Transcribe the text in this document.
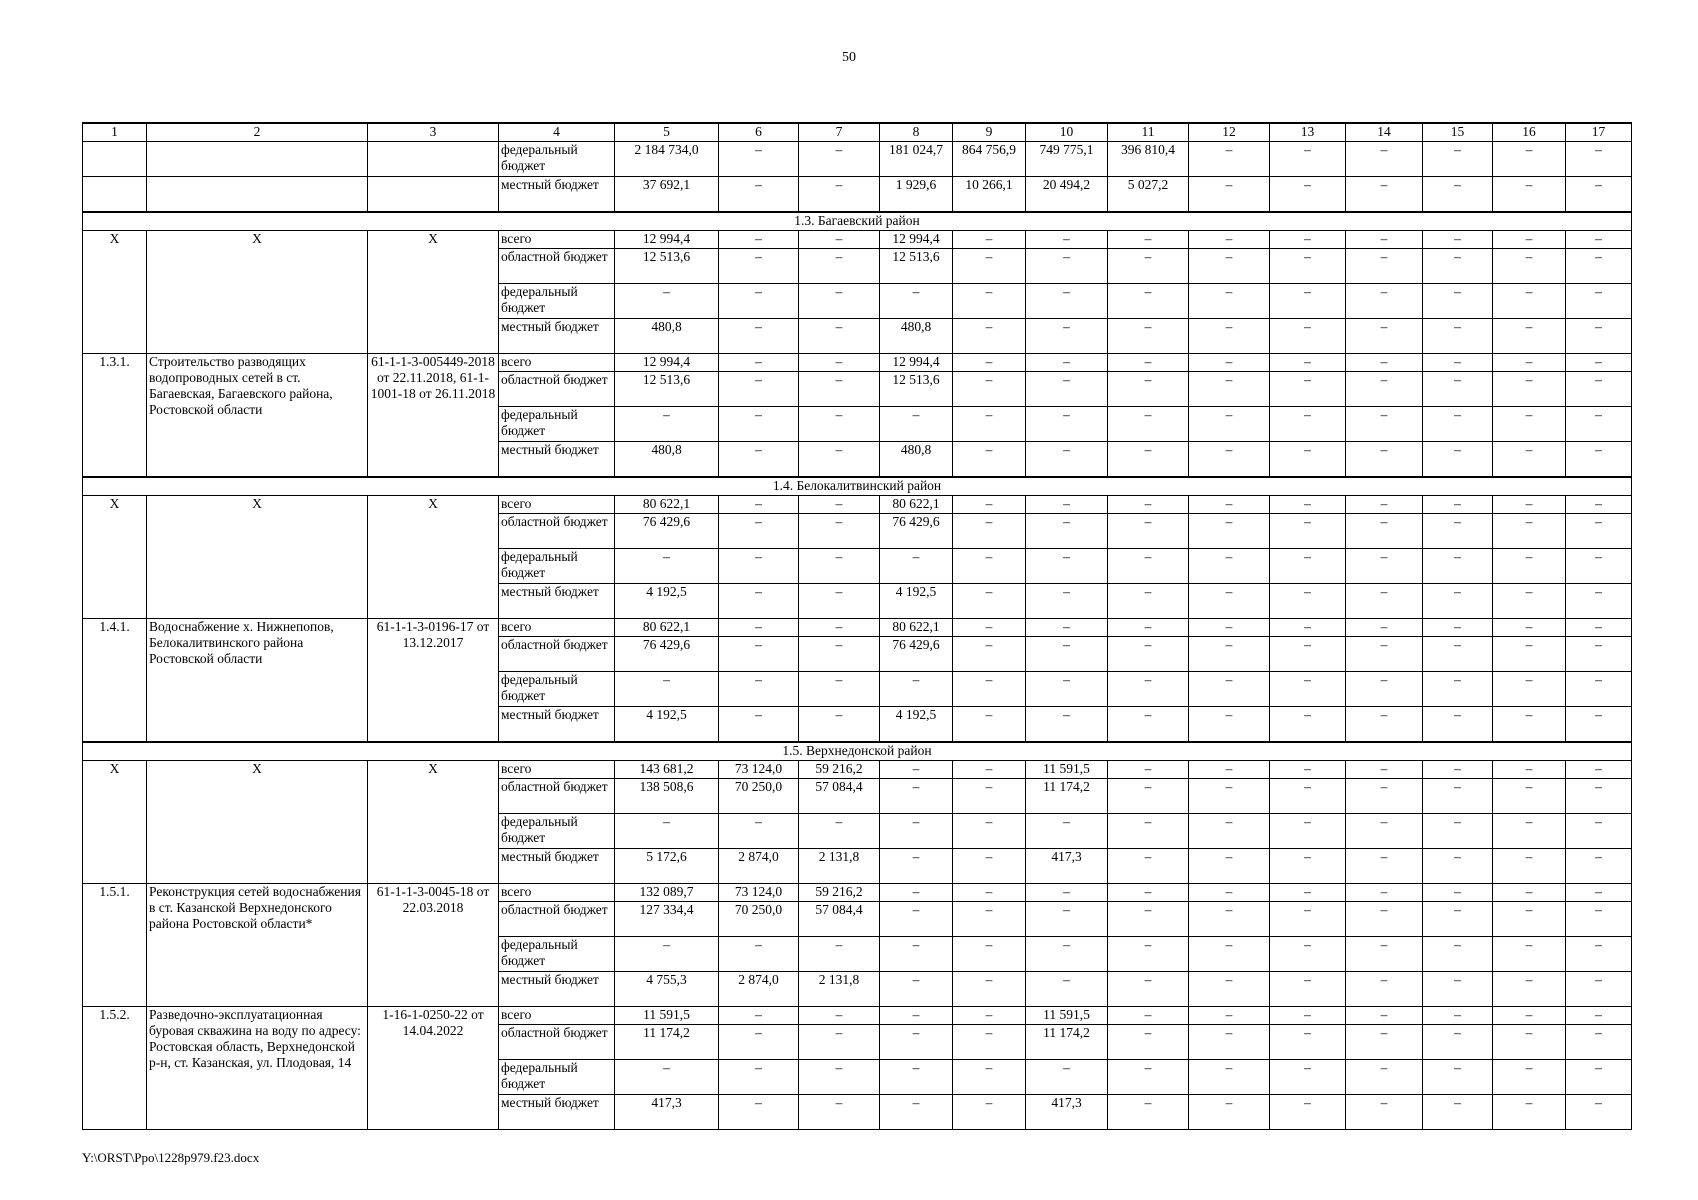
50
1	2	3	4	5	6	7	8	9	10	11	12	13	14	15	16	17
			федеральный бюджет	2 184 734,0	–	–	181 024,7	864 756,9	749 775,1	396 810,4	–	–	–	–	–	–
			местный бюджет	37 692,1	–	–	1 929,6	10 266,1	20 494,2	5 027,2	–	–	–	–	–	–
1.3. Багаевский район																
Х	Х	Х	всего	12 994,4	–	–	12 994,4	–	–	–	–	–	–	–	–	–
			областной бюджет	12 513,6	–	–	12 513,6	–	–	–	–	–	–	–	–	–
			федеральный бюджет	–	–	–	–	–	–	–	–	–	–	–	–	–
			местный бюджет	480,8	–	–	480,8	–	–	–	–	–	–	–	–	–
1.3.1.	Строительство разводящих водопроводных сетей в ст. Багаевская, Багаевского района, Ростовской области	61-1-1-3-005449-2018 от 22.11.2018, 61-1-1001-18 от 26.11.2018	всего	12 994,4	–	–	12 994,4	–	–	–	–	–	–	–	–	–
			областной бюджет	12 513,6	–	–	12 513,6	–	–	–	–	–	–	–	–	–
			федеральный бюджет	–	–	–	–	–	–	–	–	–	–	–	–	–
			местный бюджет	480,8	–	–	480,8	–	–	–	–	–	–	–	–	–
1.4. Белокалитвинский район																
Х	Х	Х	всего	80 622,1	–	–	80 622,1	–	–	–	–	–	–	–	–	–
			областной бюджет	76 429,6	–	–	76 429,6	–	–	–	–	–	–	–	–	–
			федеральный бюджет	–	–	–	–	–	–	–	–	–	–	–	–	–
			местный бюджет	4 192,5	–	–	4 192,5	–	–	–	–	–	–	–	–	–
1.4.1.	Водоснабжение х. Нижнепопов, Белокалитвинского района Ростовской области	61-1-1-3-0196-17 от 13.12.2017	всего	80 622,1	–	–	80 622,1	–	–	–	–	–	–	–	–	–
			областной бюджет	76 429,6	–	–	76 429,6	–	–	–	–	–	–	–	–	–
			федеральный бюджет	–	–	–	–	–	–	–	–	–	–	–	–	–
			местный бюджет	4 192,5	–	–	4 192,5	–	–	–	–	–	–	–	–	–
1.5. Верхнедонской район																
Х	Х	Х	всего	143 681,2	73 124,0	59 216,2	–	–	11 591,5	–	–	–	–	–	–	–
			областной бюджет	138 508,6	70 250,0	57 084,4	–	–	11 174,2	–	–	–	–	–	–	–
			федеральный бюджет	–	–	–	–	–	–	–	–	–	–	–	–	–
			местный бюджет	5 172,6	2 874,0	2 131,8	–	–	417,3	–	–	–	–	–	–	–
1.5.1.	Реконструкция сетей водоснабжения в ст. Казанской Верхнедонского района Ростовской области*	61-1-1-3-0045-18 от 22.03.2018	всего	132 089,7	73 124,0	59 216,2	–	–	–	–	–	–	–	–	–	–
			областной бюджет	127 334,4	70 250,0	57 084,4	–	–	–	–	–	–	–	–	–	–
			федеральный бюджет	–	–	–	–	–	–	–	–	–	–	–	–	–
			местный бюджет	4 755,3	2 874,0	2 131,8	–	–	–	–	–	–	–	–	–	–
1.5.2.	Разведочно-эксплуатационная буровая скважина на воду по адресу: Ростовская область, Верхнедонской р-н, ст. Казанская, ул. Плодовая, 14	1-16-1-0250-22 от 14.04.2022	всего	11 591,5	–	–	–	–	11 591,5	–	–	–	–	–	–	–
			областной бюджет	11 174,2	–	–	–	–	11 174,2	–	–	–	–	–	–	–
			федеральный бюджет	–	–	–	–	–	–	–	–	–	–	–	–	–
			местный бюджет	417,3	–	–	–	–	417,3	–	–	–	–	–	–	–
Y:\ORST\Ppo\1228p979.f23.docx
